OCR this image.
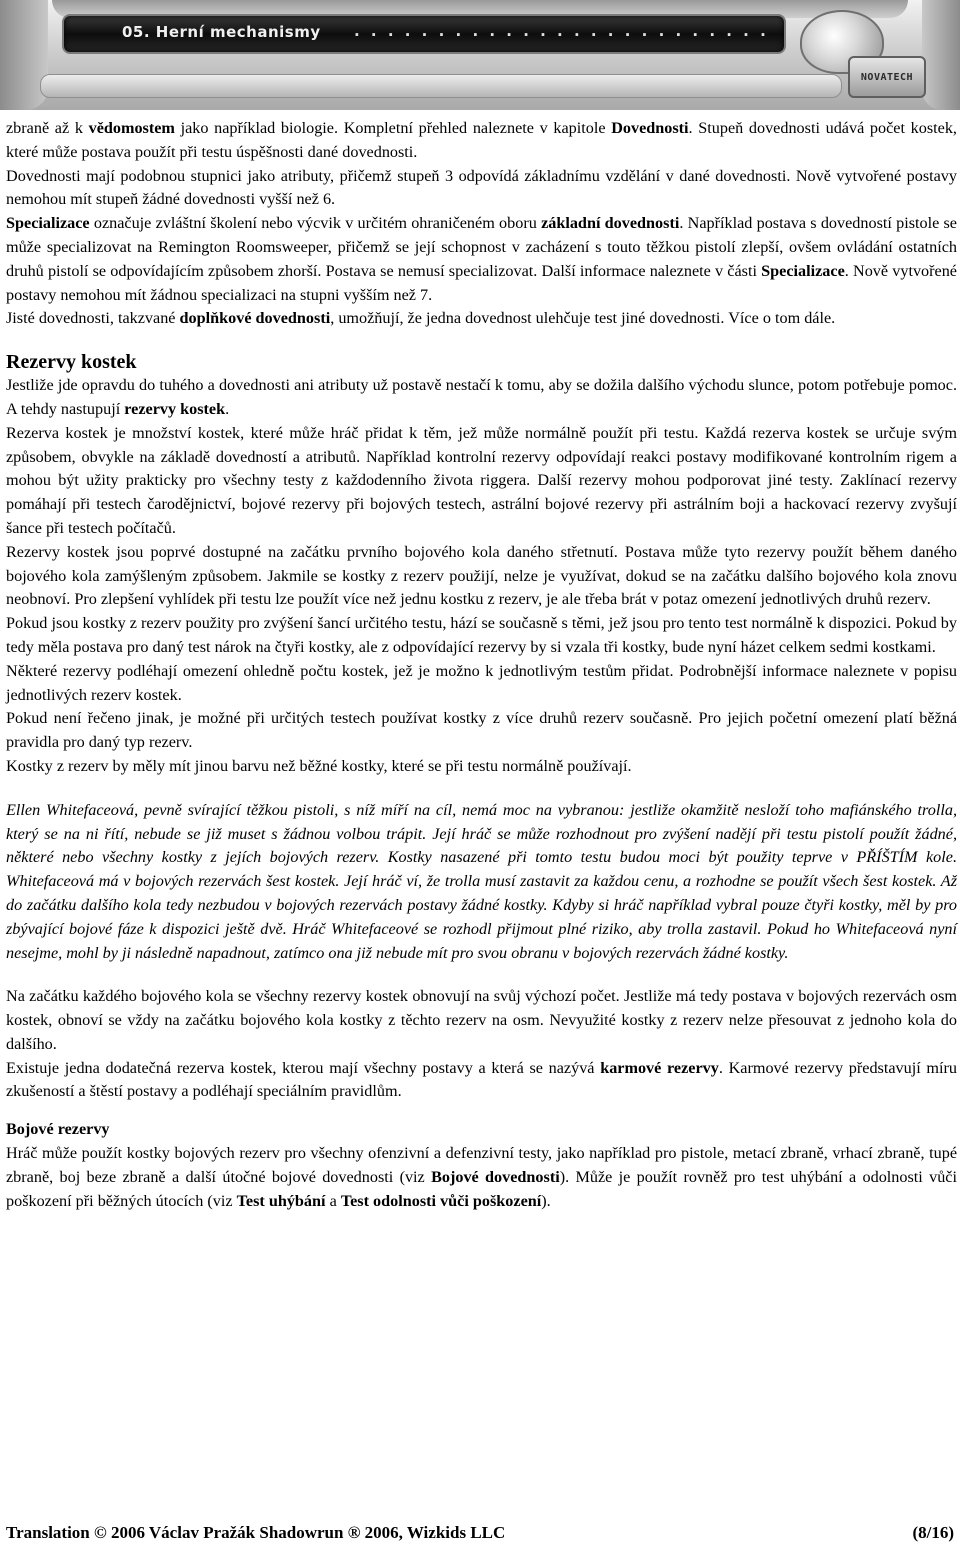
05. Herní mechanismy . . . . . . . . . . . . . . . . . . . . . . . . .
NOVATECH

zbraně až k vědomostem jako například biologie. Kompletní přehled naleznete v kapitole Dovednosti. Stupeň dovednosti udává počet kostek, které může postava použít při testu úspěšnosti dané dovednosti.

Dovednosti mají podobnou stupnici jako atributy, přičemž stupeň 3 odpovídá základnímu vzdělání v dané dovednosti. Nově vytvořené postavy nemohou mít stupeň žádné dovednosti vyšší než 6.

Specializace označuje zvláštní školení nebo výcvik v určitém ohraničeném oboru základní dovednosti. Například postava s dovedností pistole se může specializovat na Remington Roomsweeper, přičemž se její schopnost v zacházení s touto těžkou pistolí zlepší, ovšem ovládání ostatních druhů pistolí se odpovídajícím způsobem zhorší. Postava se nemusí specializovat. Další informace naleznete v části Specializace. Nově vytvořené postavy nemohou mít žádnou specializaci na stupni vyšším než 7.

Jisté dovednosti, takzvané doplňkové dovednosti, umožňují, že jedna dovednost ulehčuje test jiné dovednosti. Více o tom dále.

Rezervy kostek

Jestliže jde opravdu do tuhého a dovednosti ani atributy už postavě nestačí k tomu, aby se dožila dalšího východu slunce, potom potřebuje pomoc. A tehdy nastupují rezervy kostek.

Rezerva kostek je množství kostek, které může hráč přidat k těm, jež může normálně použít při testu. Každá rezerva kostek se určuje svým způsobem, obvykle na základě dovedností a atributů. Například kontrolní rezervy odpovídají reakci postavy modifikované kontrolním rigem a mohou být užity prakticky pro všechny testy z každodenního života riggera. Další rezervy mohou podporovat jiné testy. Zaklínací rezervy pomáhají při testech čarodějnictví, bojové rezervy při bojových testech, astrální bojové rezervy při astrálním boji a hackovací rezervy zvyšují šance při testech počítačů.

Rezervy kostek jsou poprvé dostupné na začátku prvního bojového kola daného střetnutí. Postava může tyto rezervy použít během daného bojového kola zamýšleným způsobem. Jakmile se kostky z rezerv použijí, nelze je využívat, dokud se na začátku dalšího bojového kola znovu neobnoví. Pro zlepšení vyhlídek při testu lze použít více než jednu kostku z rezerv, je ale třeba brát v potaz omezení jednotlivých druhů rezerv.

Pokud jsou kostky z rezerv použity pro zvýšení šancí určitého testu, hází se současně s těmi, jež jsou pro tento test normálně k dispozici. Pokud by tedy měla postava pro daný test nárok na čtyři kostky, ale z odpovídající rezervy by si vzala tři kostky, bude nyní házet celkem sedmi kostkami.

Některé rezervy podléhají omezení ohledně počtu kostek, jež je možno k jednotlivým testům přidat. Podrobnější informace naleznete v popisu jednotlivých rezerv kostek.

Pokud není řečeno jinak, je možné při určitých testech používat kostky z více druhů rezerv současně. Pro jejich početní omezení platí běžná pravidla pro daný typ rezerv.

Kostky z rezerv by měly mít jinou barvu než běžné kostky, které se při testu normálně používají.

Ellen Whitefaceová, pevně svírající těžkou pistoli, s níž míří na cíl, nemá moc na vybranou: jestliže okamžitě nesloží toho mafiánského trolla, který se na ni řítí, nebude se již muset s žádnou volbou trápit. Její hráč se může rozhodnout pro zvýšení nadějí při testu pistolí použít žádné, některé nebo všechny kostky z jejích bojových rezerv. Kostky nasazené při tomto testu budou moci být použity teprve v PŘÍŠTÍM kole. Whitefaceová má v bojových rezervách šest kostek. Její hráč ví, že trolla musí zastavit za každou cenu, a rozhodne se použít všech šest kostek. Až do začátku dalšího kola tedy nezbudou v bojových rezervách postavy žádné kostky. Kdyby si hráč například vybral pouze čtyři kostky, měl by pro zbývající bojové fáze k dispozici ještě dvě. Hráč Whitefaceové se rozhodl přijmout plné riziko, aby trolla zastavil. Pokud ho Whitefaceová nyní nesejme, mohl by ji následně napadnout, zatímco ona již nebude mít pro svou obranu v bojových rezervách žádné kostky.

Na začátku každého bojového kola se všechny rezervy kostek obnovují na svůj výchozí počet. Jestliže má tedy postava v bojových rezervách osm kostek, obnoví se vždy na začátku bojového kola kostky z těchto rezerv na osm. Nevyužité kostky z rezerv nelze přesouvat z jednoho kola do dalšího.

Existuje jedna dodatečná rezerva kostek, kterou mají všechny postavy a která se nazývá karmové rezervy. Karmové rezervy představují míru zkušeností a štěstí postavy a podléhají speciálním pravidlům.

Bojové rezervy

Hráč může použít kostky bojových rezerv pro všechny ofenzivní a defenzivní testy, jako například pro pistole, metací zbraně, vrhací zbraně, tupé zbraně, boj beze zbraně a další útočné bojové dovednosti (viz Bojové dovednosti). Může je použít rovněž pro test uhýbání a odolnosti vůči poškození při běžných útocích (viz Test uhýbání a Test odolnosti vůči poškození).

Translation © 2006 Václav Pražák Shadowrun ® 2006, Wizkids LLC	(8/16)
